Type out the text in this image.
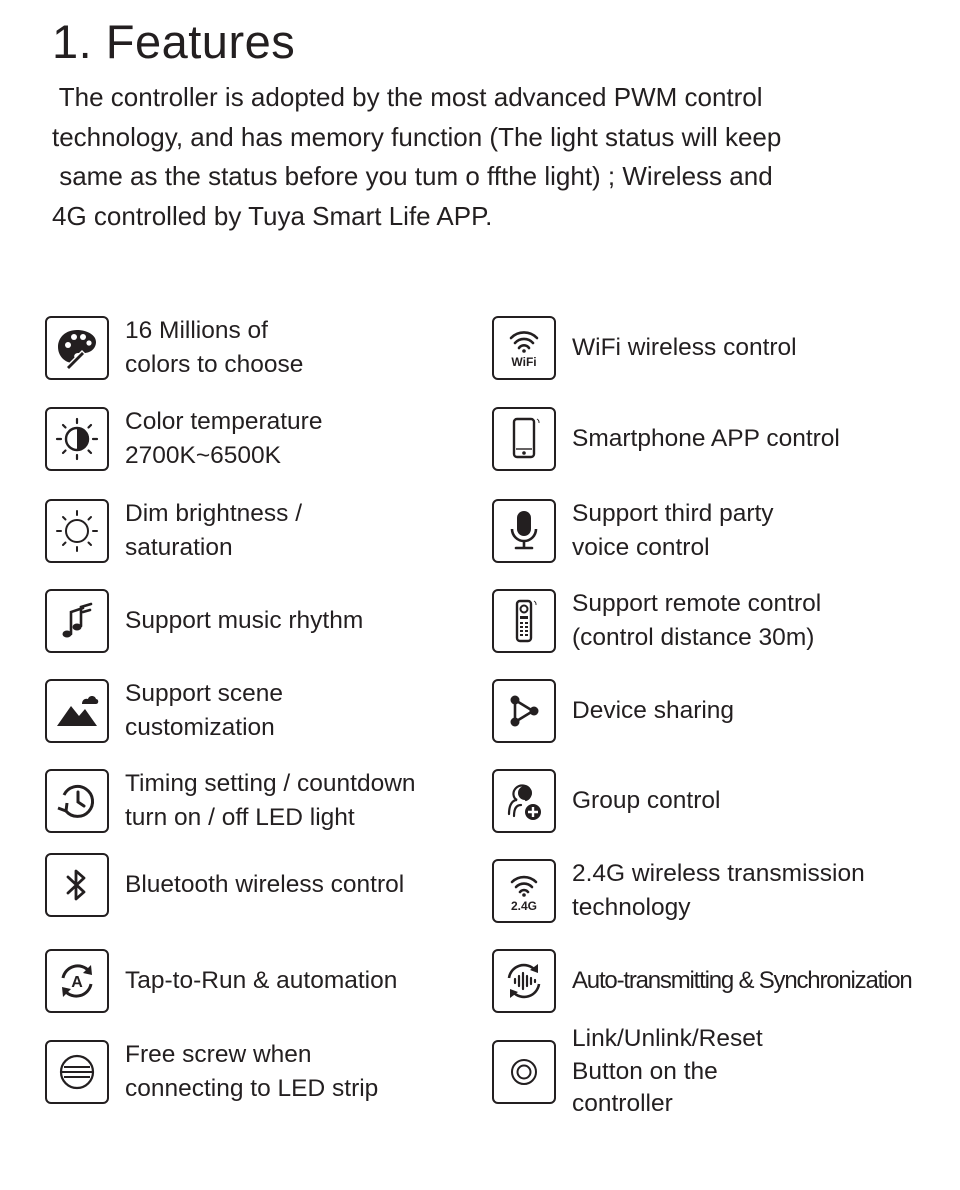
1. Features

The controller is adopted by the most advanced PWM control
technology, and has memory function (The light status will keep
same as the status before you tum o ffthe light) ; Wireless and
4G controlled by Tuya Smart Life APP.

16 Millions of
colors to choose
Color temperature
2700K~6500K
Dim brightness /
saturation
Support music rhythm
Support scene
customization
Timing setting / countdown
turn on / off LED light
Bluetooth wireless control
A Tap-to-Run & automation
Free screw when
connecting to LED strip
WiFi
WiFi wireless control
Smartphone APP control
Support third party
voice control
Support remote control
(control distance 30m)
Device sharing
Group control
2.4G
2.4G wireless transmission
technology
Auto-transmitting & Synchronization
Link/Unlink/Reset
Button on the
controller
